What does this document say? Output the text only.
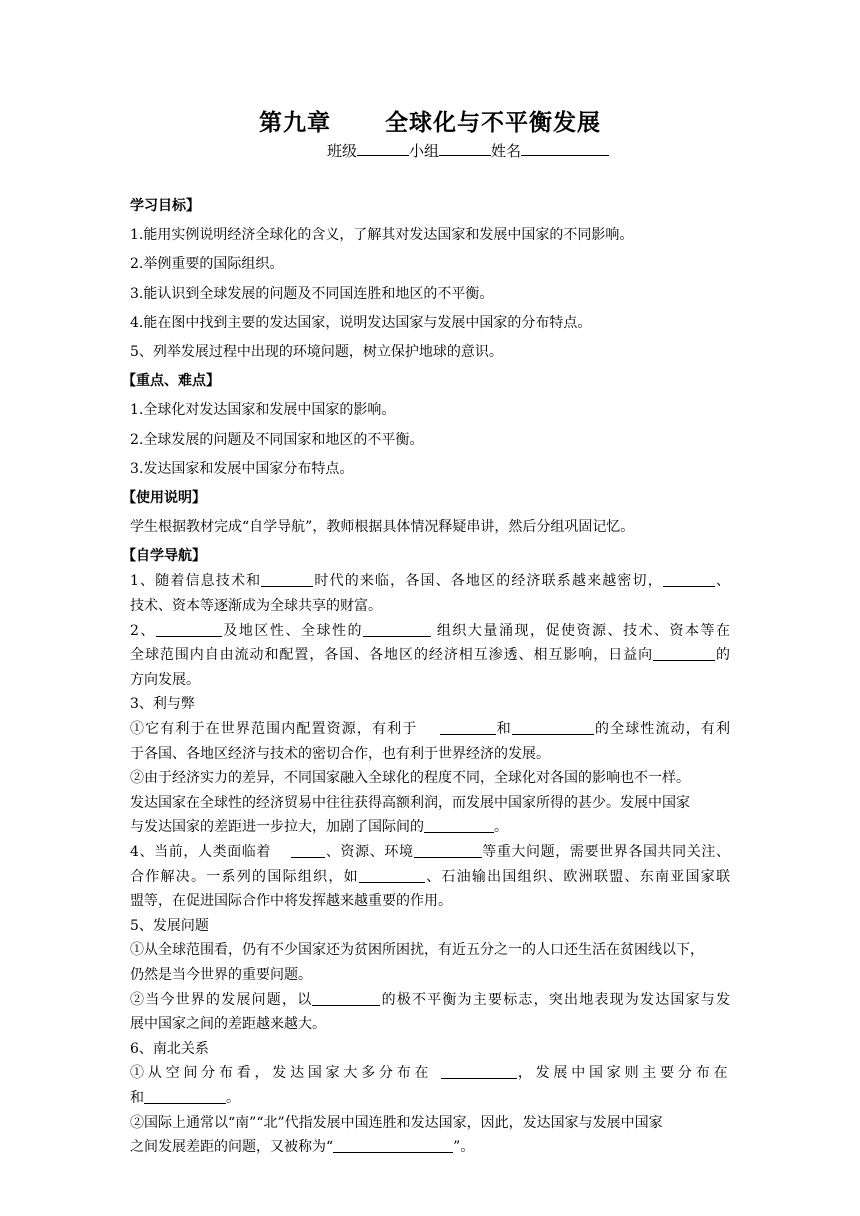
第九章      全球化与不平衡发展
班级	小组	姓名
学习目标】
1.能用实例说明经济全球化的含义，了解其对发达国家和发展中国家的不同影响。
2.举例重要的国际组织。
3.能认识到全球发展的问题及不同国连胜和地区的不平衡。
4.能在图中找到主要的发达国家，说明发达国家与发展中国家的分布特点。
5、列举发展过程中出现的环境问题，树立保护地球的意识。
【重点、难点】
1.全球化对发达国家和发展中国家的影响。
2.全球发展的问题及不同国家和地区的不平衡。
3.发达国家和发展中国家分布特点。
【使用说明】
学生根据教材完成“自学导航”，教师根据具体情况释疑串讲，然后分组巩固记忆。
【自学导航】
1、随着信息技术和	时代的来临，各国、各地区的经济联系越来越密切，	、
技术、资本等逐渐成为全球共享的财富。
2、	及地区性、全球性的	组织大量涌现，促使资源、技术、资本等在
全球范围内自由流动和配置，各国、各地区的经济相互渗透、相互影响，日益向	的
方向发展。
3、利与弊
①它有利于在世界范围内配置资源，有利于	和	的全球性流动，有利
于各国、各地区经济与技术的密切合作，也有利于世界经济的发展。
②由于经济实力的差异，不同国家融入全球化的程度不同，全球化对各国的影响也不一样。
发达国家在全球性的经济贸易中往往获得高额利润，而发展中国家所得的甚少。发展中国家
与发达国家的差距进一步拉大，加剧了国际间的	。
4、当前，人类面临着    、资源、环境	等重大问题，需要世界各国共同关注、
合作解决。一系列的国际组织，如	、石油输出国组织、欧洲联盟、东南亚国家联
盟等，在促进国际合作中将发挥越来越重要的作用。
5、发展问题
①从全球范围看，仍有不少国家还为贫困所困扰，有近五分之一的人口还生活在贫困线以下，
仍然是当今世界的重要问题。
②当今世界的发展问题，以	的极不平衡为主要标志，突出地表现为发达国家与发
展中国家之间的差距越来越大。
6、南北关系
①从空间分布看，发达国家大多分布在	，发展中国家则主要分布在
和	。
②国际上通常以“南”“北”代指发展中国连胜和发达国家，因此，发达国家与发展中国家
之间发展差距的问题，又被称为“	”。
